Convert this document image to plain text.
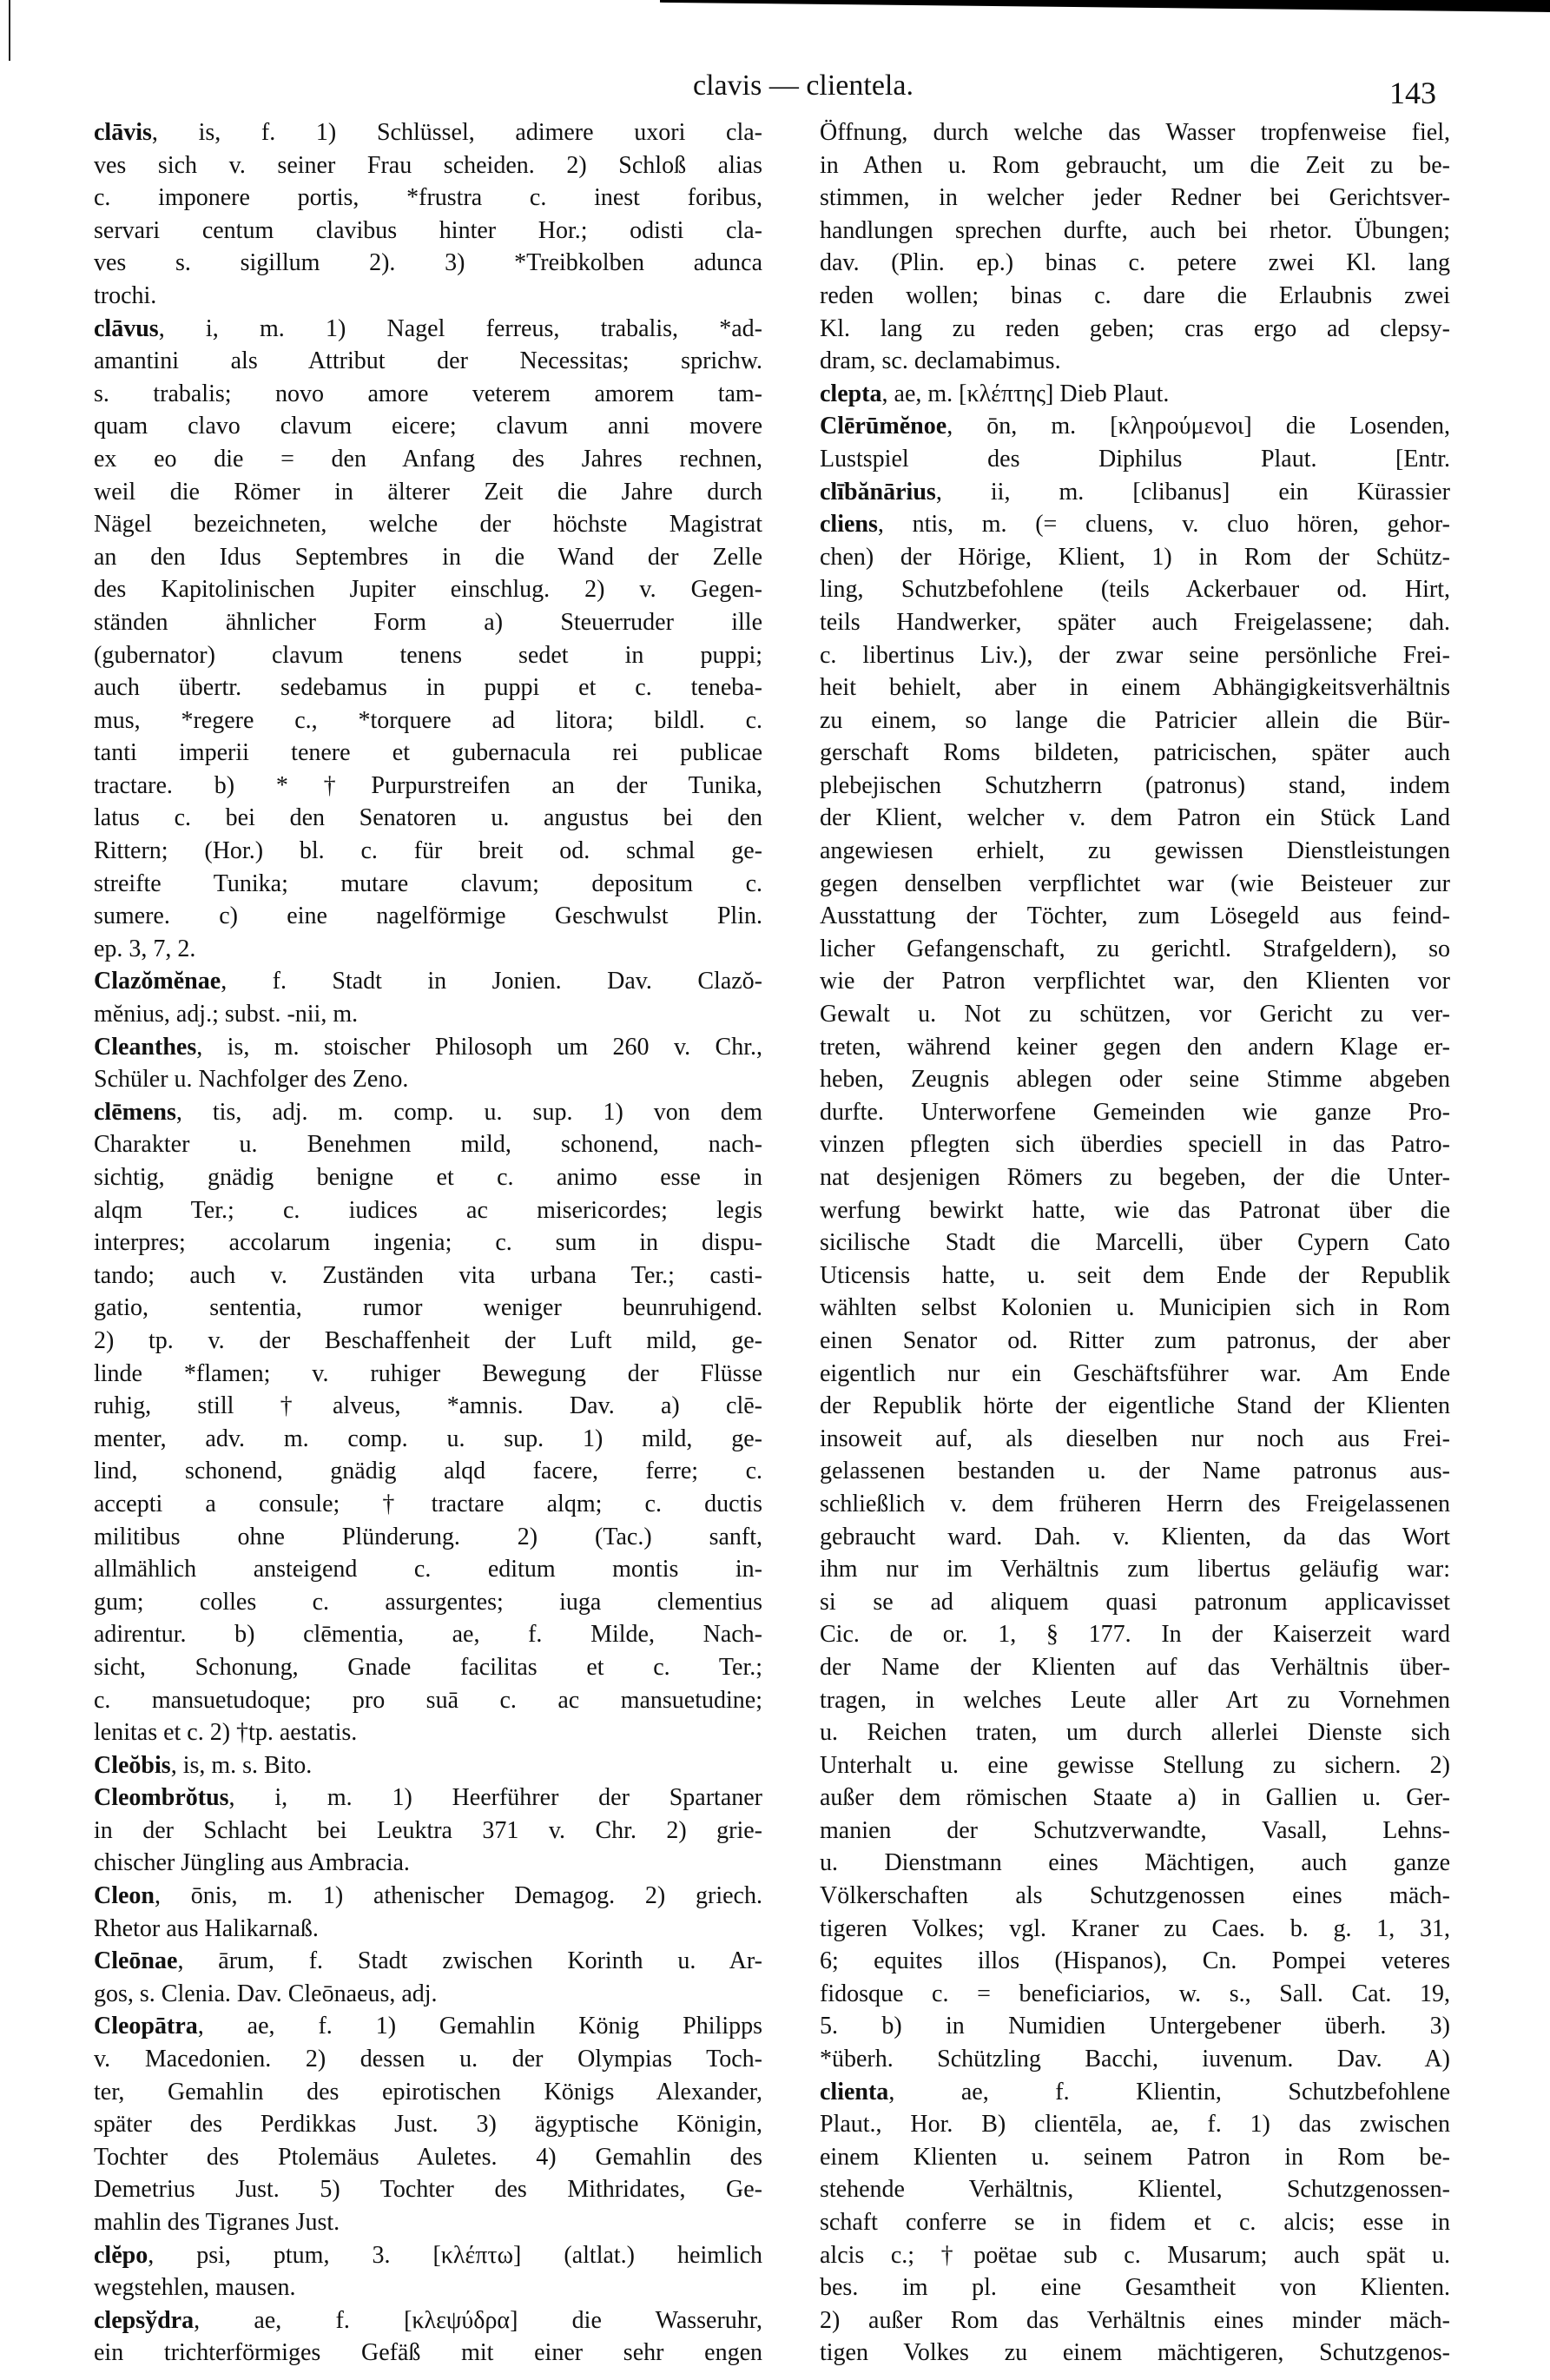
clavis — clientela.	143
clāvis, is, f. 1) Schlüssel, adimere uxori cla-
ves sich v. seiner Frau scheiden. 2) Schloß alias
c. imponere portis, *frustra c. inest foribus,
servari centum clavibus hinter Hor.; odisti cla-
ves s. sigillum 2). 3) *Treibkolben adunca
trochi.
clāvus, i, m. 1) Nagel ferreus, trabalis, *ad-
amantini als Attribut der Necessitas; sprichw.
s. trabalis; novo amore veterem amorem tam-
quam clavo clavum eicere; clavum anni movere
ex eo die = den Anfang des Jahres rechnen,
weil die Römer in älterer Zeit die Jahre durch
Nägel bezeichneten, welche der höchste Magistrat
an den Idus Septembres in die Wand der Zelle
des Kapitolinischen Jupiter einschlug. 2) v. Gegen-
ständen ähnlicher Form a) Steuerruder ille
(gubernator) clavum tenens sedet in puppi;
auch übertr. sedebamus in puppi et c. teneba-
mus, *regere c., *torquere ad litora; bildl. c.
tanti imperii tenere et gubernacula rei publicae
tractare. b) *†Purpurstreifen an der Tunika,
latus c. bei den Senatoren u. angustus bei den
Rittern; (Hor.) bl. c. für breit od. schmal ge-
streifte Tunika; mutare clavum; depositum c.
sumere. c) eine nagelförmige Geschwulst Plin.
ep. 3, 7, 2.
Clazŏmĕnae, f. Stadt in Jonien. Dav. Clazŏ-
mĕnius, adj.; subst. -nii, m.
Cleanthes, is, m. stoischer Philosoph um 260 v. Chr.,
Schüler u. Nachfolger des Zeno.
clēmens, tis, adj. m. comp. u. sup. 1) von dem
Charakter u. Benehmen mild, schonend, nach-
sichtig, gnädig benigne et c. animo esse in
alqm Ter.; c. iudices ac misericordes; legis
interpres; accolarum ingenia; c. sum in dispu-
tando; auch v. Zuständen vita urbana Ter.; casti-
gatio, sententia, rumor weniger beunruhigend.
2) tp. v. der Beschaffenheit der Luft mild, ge-
linde *flamen; v. ruhiger Bewegung der Flüsse
ruhig, still †alveus, *amnis. Dav. a) clē-
menter, adv. m. comp. u. sup. 1) mild, ge-
lind, schonend, gnädig alqd facere, ferre; c.
accepti a consule; †tractare alqm; c. ductis
militibus ohne Plünderung. 2) (Tac.) sanft,
allmählich ansteigend c. editum montis in-
gum; colles c. assurgentes; iuga clementius
adirentur. b) clēmentia, ae, f. Milde, Nach-
sicht, Schonung, Gnade facilitas et c. Ter.;
c. mansuetudoque; pro suā c. ac mansuetudine;
lenitas et c. 2) †tp. aestatis.
Cleŏbis, is, m. s. Bito.
Cleombrŏtus, i, m. 1) Heerführer der Spartaner
in der Schlacht bei Leuktra 371 v. Chr. 2) grie-
chischer Jüngling aus Ambracia.
Cleon, ōnis, m. 1) athenischer Demagog. 2) griech.
Rhetor aus Halikarnaß.
Cleōnae, ārum, f. Stadt zwischen Korinth u. Ar-
gos, s. Clenia. Dav. Cleōnaeus, adj.
Cleopātra, ae, f. 1) Gemahlin König Philipps
v. Macedonien. 2) dessen u. der Olympias Toch-
ter, Gemahlin des epirotischen Königs Alexander,
später des Perdikkas Just. 3) ägyptische Königin,
Tochter des Ptolemäus Auletes. 4) Gemahlin des
Demetrius Just. 5) Tochter des Mithridates, Ge-
mahlin des Tigranes Just.
clĕpo, psi, ptum, 3. [κλέπτω] (altlat.) heimlich
wegstehlen, mausen.
clepsўdra, ae, f. [κλεψύδρα] die Wasseruhr,
ein trichterförmiges Gefäß mit einer sehr engen
Öffnung, durch welche das Wasser tropfenweise fiel,
in Athen u. Rom gebraucht, um die Zeit zu be-
stimmen, in welcher jeder Redner bei Gerichtsver-
handlungen sprechen durfte, auch bei rhetor. Übungen;
dav. (Plin. ep.) binas c. petere zwei Kl. lang
reden wollen; binas c. dare die Erlaubnis zwei
Kl. lang zu reden geben; cras ergo ad clepsy-
dram, sc. declamabimus.
clepta, ae, m. [κλέπτης] Dieb Plaut.
Clērūmĕnoe, ōn, m. [κληρούμενοι] die Losenden,
Lustspiel des Diphilus Plaut. [Entr.
clībănārius, ii, m. [clibanus] ein Kürassier
cliens, ntis, m. (= cluens, v. cluo hören, gehor-
chen) der Hörige, Klient, 1) in Rom der Schütz-
ling, Schutzbefohlene (teils Ackerbauer od. Hirt,
teils Handwerker, später auch Freigelassene; dah.
c. libertinus Liv.), der zwar seine persönliche Frei-
heit behielt, aber in einem Abhängigkeitsverhältnis
zu einem, so lange die Patricier allein die Bür-
gerschaft Roms bildeten, patricischen, später auch
plebejischen Schutzherrn (patronus) stand, indem
der Klient, welcher v. dem Patron ein Stück Land
angewiesen erhielt, zu gewissen Dienstleistungen
gegen denselben verpflichtet war (wie Beisteuer zur
Ausstattung der Töchter, zum Lösegeld aus feind-
licher Gefangenschaft, zu gerichtl. Strafgeldern), so
wie der Patron verpflichtet war, den Klienten vor
Gewalt u. Not zu schützen, vor Gericht zu ver-
treten, während keiner gegen den andern Klage er-
heben, Zeugnis ablegen oder seine Stimme abgeben
durfte. Unterworfene Gemeinden wie ganze Pro-
vinzen pflegten sich überdies speciell in das Patro-
nat desjenigen Römers zu begeben, der die Unter-
werfung bewirkt hatte, wie das Patronat über die
sicilische Stadt die Marcelli, über Cypern Cato
Uticensis hatte, u. seit dem Ende der Republik
wählten selbst Kolonien u. Municipien sich in Rom
einen Senator od. Ritter zum patronus, der aber
eigentlich nur ein Geschäftsführer war. Am Ende
der Republik hörte der eigentliche Stand der Klienten
insoweit auf, als dieselben nur noch aus Frei-
gelassenen bestanden u. der Name patronus aus-
schließlich v. dem früheren Herrn des Freigelassenen
gebraucht ward. Dah. v. Klienten, da das Wort
ihm nur im Verhältnis zum libertus geläufig war:
si se ad aliquem quasi patronum applicavisset
Cic. de or. 1, § 177. In der Kaiserzeit ward
der Name der Klienten auf das Verhältnis über-
tragen, in welches Leute aller Art zu Vornehmen
u. Reichen traten, um durch allerlei Dienste sich
Unterhalt u. eine gewisse Stellung zu sichern. 2)
außer dem römischen Staate a) in Gallien u. Ger-
manien der Schutzverwandte, Vasall, Lehns-
u. Dienstmann eines Mächtigen, auch ganze
Völkerschaften als Schutzgenossen eines mäch-
tigeren Volkes; vgl. Kraner zu Caes. b. g. 1, 31,
6; equites illos (Hispanos), Cn. Pompei veteres
fidosque c. = beneficiarios, w. s., Sall. Cat. 19,
5. b) in Numidien Untergebener überh. 3)
*überh. Schützling Bacchi, iuvenum. Dav. A)
clienta, ae, f. Klientin, Schutzbefohlene
Plaut., Hor. B) clientēla, ae, f. 1) das zwischen
einem Klienten u. seinem Patron in Rom be-
stehende Verhältnis, Klientel, Schutzgenossen-
schaft conferre se in fidem et c. alcis; esse in
alcis c.; †poëtae sub c. Musarum; auch spät u.
bes. im pl. eine Gesamtheit von Klienten.
2) außer Rom das Verhältnis eines minder mäch-
tigen Volkes zu einem mächtigeren, Schutzgenos-
